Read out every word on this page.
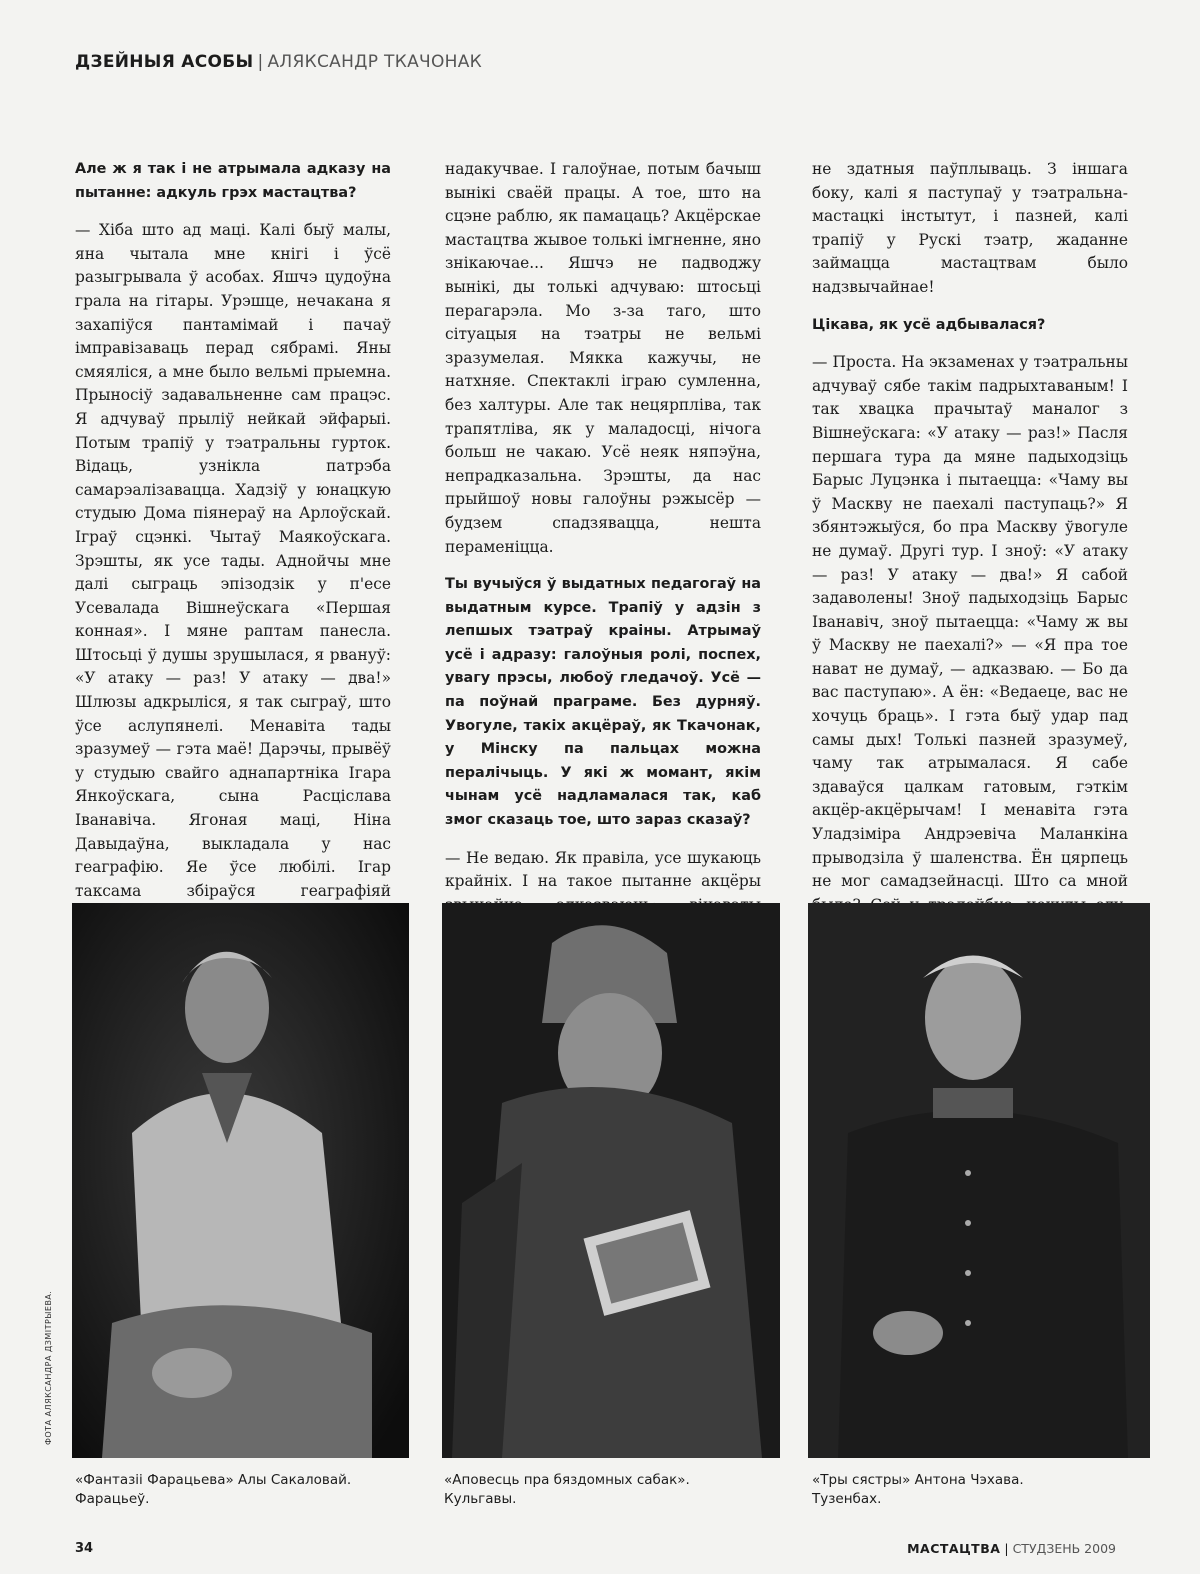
ДЗЕЙНЫЯ АСОБЫ | АЛЯКСАНДР ТКАЧОНАК

Але ж я так і не атрымала адказу на пытанне: адкуль грэх мастацтва?

— Хіба што ад маці. Калі быў малы, яна чытала мне кнігі і ўсё разыгрывала ў асобах. Яшчэ цудоўна грала на гітары. Урэшце, нечакана я захапіўся пантамімай і пачаў імправізаваць перад сябрамі. Яны смяяліся, а мне было вельмі прыемна. Прыносіў задавальненне сам працэс. Я адчуваў прыліў нейкай эйфарыі. Потым трапіў у тэатральны гурток. Відаць, узнікла патрэба самарэалізавацца. Хадзіў у юнацкую студыю Дома піянераў на Арлоўскай. Іграў сцэнкі. Чытаў Маякоўскага. Зрэшты, як усе тады. Аднойчы мне далі сыграць эпізодзік у п'есе Усевалада Вішнеўскага «Першая конная». І мяне раптам панесла. Штосьці ў душы зрушылася, я рвануў: «У атаку — раз! У атаку — два!» Шлюзы адкрыліся, я так сыграў, што ўсе аслупянелі. Менавіта тады зразумеў — гэта маё! Дарэчы, прывёў у студыю свайго аднапартніка Ігара Янкоўскага, сына Расціслава Іванавіча. Ягоная маці, Ніна Давыдаўна, выкладала у нас геаграфію. Яе ўсе любілі. Ігар таксама збіраўся геаграфіяй

надакучвае. І галоўнае, потым бачыш вынікі сваёй працы. А тое, што на сцэне раблю, як памацаць? Акцёрскае мастацтва жывое толькі імгненне, яно знікаючае... Яшчэ не падводжу вынікі, ды толькі адчуваю: штосьці перагарэла. Мо з-за таго, што сітуацыя на тэатры не вельмі зразумелая. Мякка кажучы, не натхняе. Спектаклі іграю сумленна, без халтуры. Але так нецярпліва, так трапятліва, як у маладосці, нічога больш не чакаю. Усё неяк няпэўна, непрадказальна. Зрэшты, да нас прыйшоў новы галоўны рэжысёр — будзем спадзявацца, нешта пераменіцца.

Ты вучыўся ў выдатных педагогаў на выдатным курсе. Трапіў у адзін з лепшых тэатраў краіны. Атрымаў усё і адразу: галоўныя ролі, поспех, увагу прэсы, любоў гледачоў. Усё — па поўнай праграме. Без дурняў. Увогуле, такіх акцёраў, як Ткачонак, у Мінску па пальцах можна пералічыць. У які ж момант, якім чынам усё надламалася так, каб змог сказаць тое, што зараз сказаў?

— Не ведаю. Як правіла, усе шукаюць крайніх. І на такое пытанне акцёры

не здатныя паўплываць. З іншага боку, калі я паступаў у тэатральна-мастацкі інстытут, і пазней, калі трапіў у Рускі тэатр, жаданне займацца мастацтвам было надзвычайнае!

Цікава, як усё адбывалася?

— Проста. На экзаменах у тэатральны адчуваў сябе такім падрыхтаваным! І так хвацка прачытаў маналог з Вішнеўскага: «У атаку — раз!» Пасля першага тура да мяне падыходзіць Барыс Луцэнка і пытаецца: «Чаму вы ў Маскву не паехалі паступаць?» Я збянтэжыўся, бо пра Маскву ўвогуле не думаў. Другі тур. І зноў: «У атаку — раз! У атаку — два!» Я сабой задаволены! Зноў падыходзіць Барыс Іванавіч, зноў пытаецца: «Чаму ж вы ў Маскву не паехалі?» — «Я пра тое нават не думаў, — адказваю. — Бо да вас паступаю». А ён: «Ведаеце, вас не хочуць браць». І гэта быў удар пад самы дых! Толькі пазней зразумеў, чаму так атрымалася. Я сабе здаваўся цалкам гатовым, гэткім акцёр-акцёрычам! І менавіта гэта Уладзіміра Андрэевіча Маланкіна прыводзіла ў шаленства. Ён цярпець не мог самадзейнасці. Што са мной

ФОТА АЛЯКСАНДРА ДЗМІТРЫЕВА.
«Фантазіі Фарацьева» Алы Сакаловай.
Фарацьеў.
«Аповесць пра бяздомных сабак».
Кульгавы.
«Тры сястры» Антона Чэхава.
Тузенбах.
34	МАСТАЦТВА | СТУДЗЕНЬ 2009
